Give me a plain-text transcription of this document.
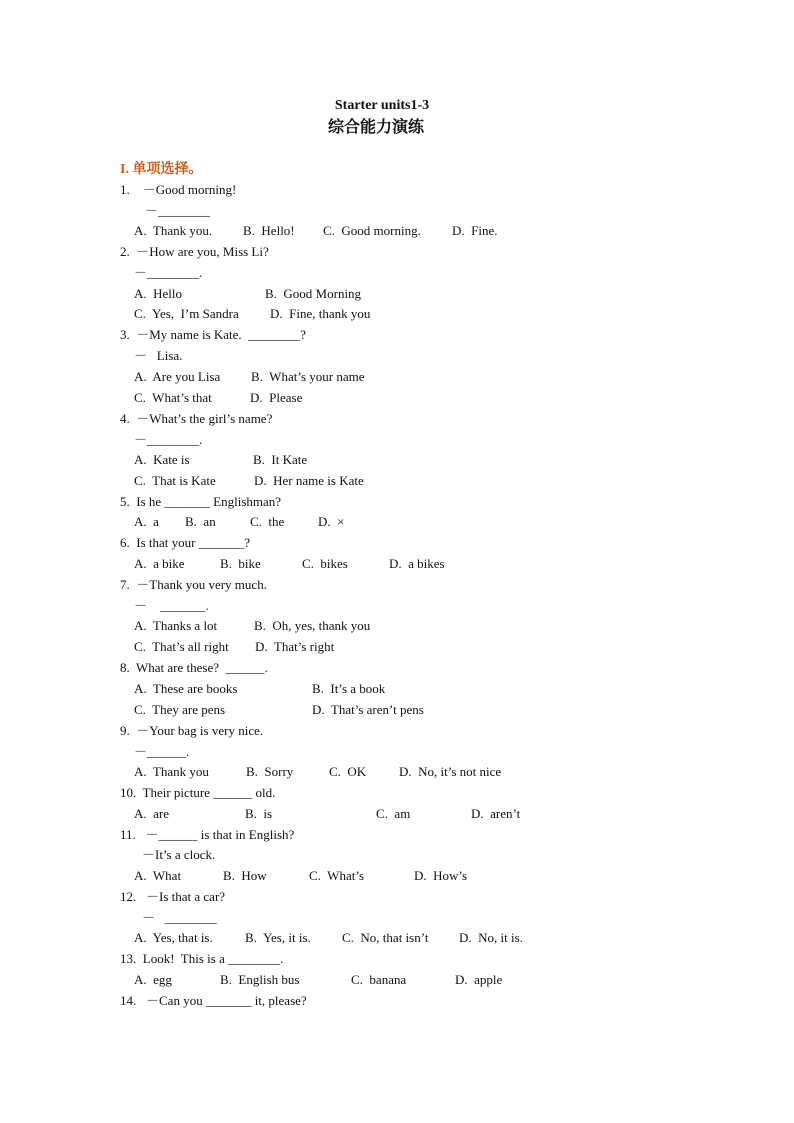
Starter units1-3
综合能力演练
I. 单项选择。
1.    －Good morning!
－________
A.  Thank you. B.  Hello! C.  Good morning. D.  Fine.
2.  －How are you, Miss Li?
－________.
A.  Hello	B.  Good Morning
C.  Yes,  I’m Sandra D.  Fine, thank you
3.  －My name is Kate.  ________?
－   Lisa.
A.  Are you Lisa B.  What’s your name
C.  What’s that	D.  Please
4.  －What’s the girl’s name?
－________.
A.  Kate is	B.  It Kate
C.  That is Kate	D.  Her name is Kate
5.  Is he _______ Englishman?
A.  a B.  an	C.  the	D.  ×
6.  Is that your _______?
A.  a bike	B.  bike	C.  bikes	D.  a bikes
7.  －Thank you very much.
－    _______.
A.  Thanks a lot	B.  Oh, yes, thank you
C.  That’s all right D.  That’s right
8.  What are these?  ______.
A.  These are books	B.  It’s a book
C.  They are pens	D.  That’s aren’t pens
9.  －Your bag is very nice.
－______.
A.  Thank you	B.  Sorry	C.  OK	D.  No, it’s not nice
10.  Their picture ______ old.
A.  are	B.  is	C.  am	D.  aren’t
11.   －______ is that in English?
－It’s a clock.
A.  What	B.  How	C.  What’s	D.  How’s
12.   －Is that a car?
－   ________
A.  Yes, that is. B.  Yes, it is. C.  No, that isn’t D.  No, it is.
13.  Look!  This is a ________.
A.  egg	B.  English bus	C.  banana	D.  apple
14.   －Can you _______ it, please?
